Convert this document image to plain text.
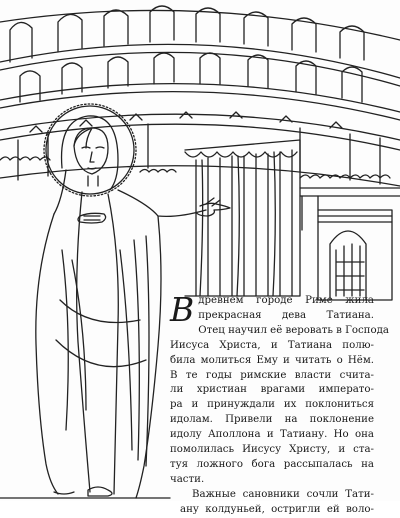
В древнем городе Риме жила
прекрасная дева Татиана.
Отец научил её веровать в Господа
Иисуса Христа, и Татиана полю-
била молиться Ему и читать о Нём.
В те годы римские власти счита-
ли христиан врагами императо-
ра и принуждали их поклониться
идолам. Привели на поклонение
идолу Аполлона и Татиану. Но она
помолилась Иисусу Христу, и ста-
туя ложного бога рассыпалась на
части.
Важные сановники сочли Тати-
ану колдуньей, остригли ей воло-
